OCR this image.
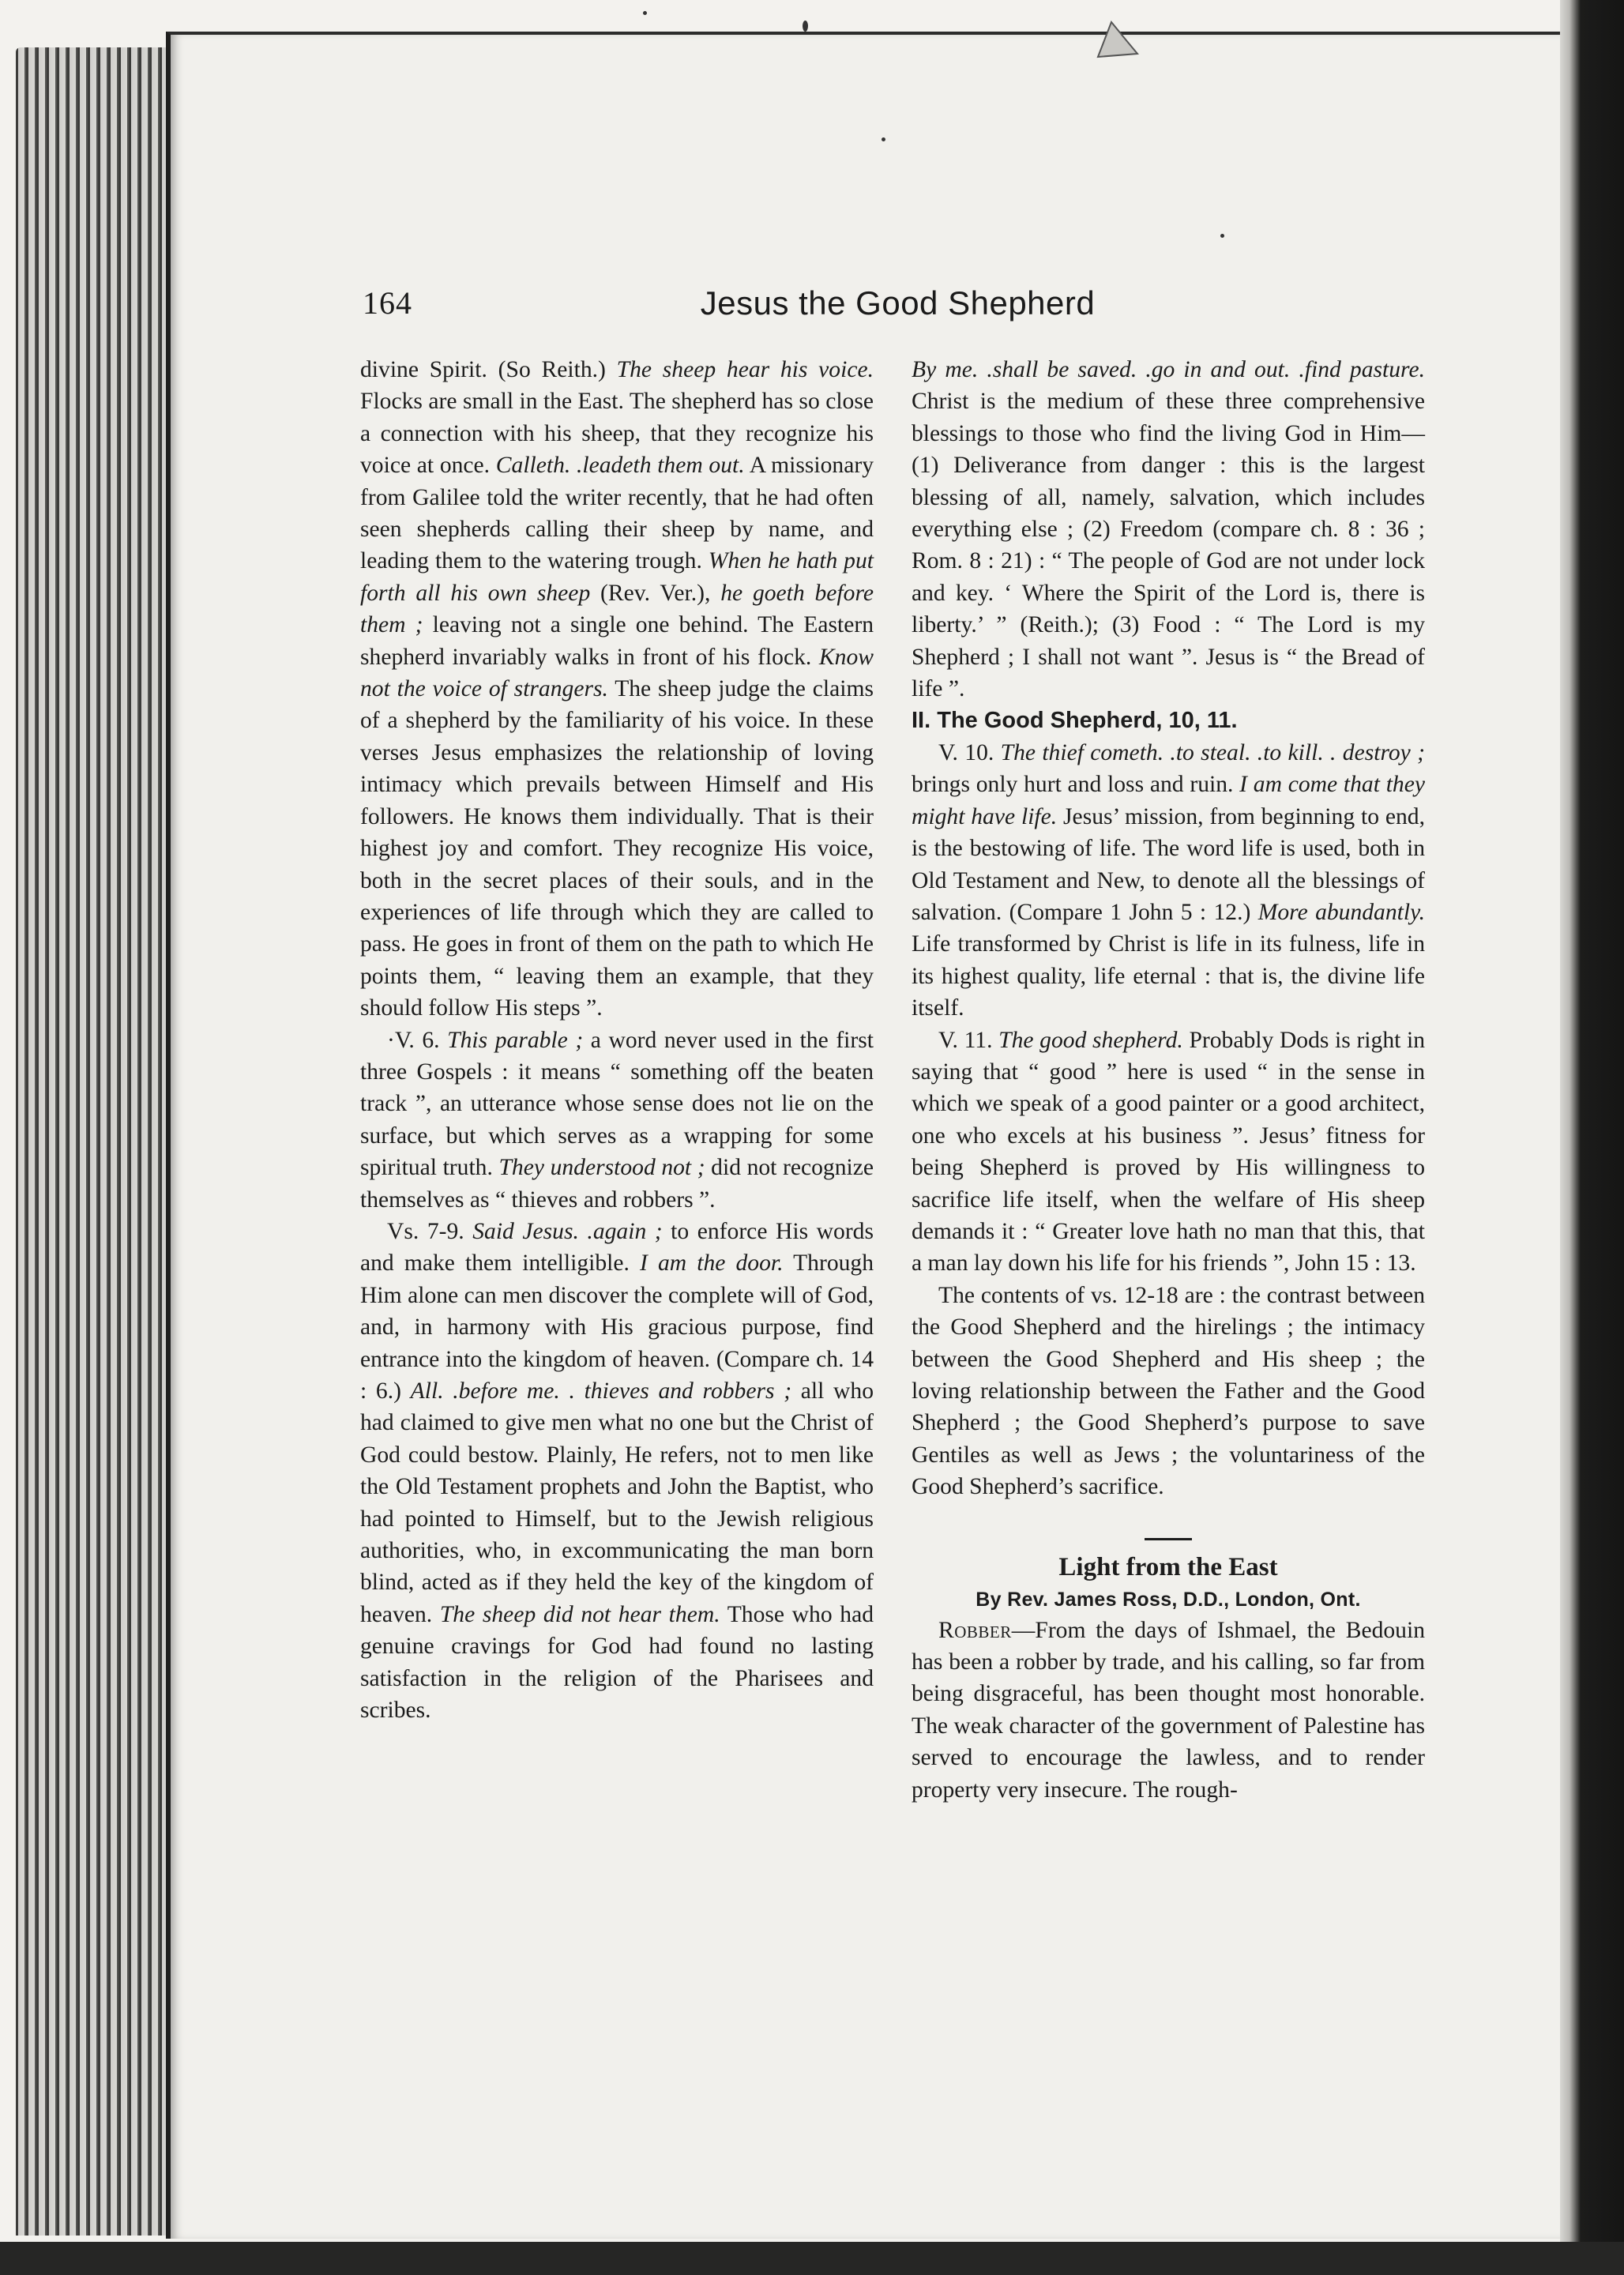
164	Jesus the Good Shepherd

divine Spirit. (So Reith.) The sheep hear his voice. Flocks are small in the East. The shepherd has so close a connection with his sheep, that they recognize his voice at once. Calleth. .leadeth them out. A missionary from Galilee told the writer recently, that he had often seen shepherds calling their sheep by name, and leading them to the watering trough. When he hath put forth all his own sheep (Rev. Ver.), he goeth before them ; leaving not a single one behind. The Eastern shepherd invariably walks in front of his flock. Know not the voice of strangers. The sheep judge the claims of a shepherd by the familiarity of his voice. In these verses Jesus emphasizes the relationship of loving intimacy which prevails between Himself and His followers. He knows them individually. That is their highest joy and comfort. They recognize His voice, both in the secret places of their souls, and in the experiences of life through which they are called to pass. He goes in front of them on the path to which He points them, “ leaving them an example, that they should follow His steps ”.

·V. 6. This parable ; a word never used in the first three Gospels : it means “ something off the beaten track ”, an utterance whose sense does not lie on the surface, but which serves as a wrapping for some spiritual truth. They understood not ; did not recognize themselves as “ thieves and robbers ”.

Vs. 7-9. Said Jesus. .again ; to enforce His words and make them intelligible. I am the door. Through Him alone can men discover the complete will of God, and, in harmony with His gracious purpose, find entrance into the kingdom of heaven. (Compare ch. 14 : 6.) All. .before me. . thieves and robbers ; all who had claimed to give men what no one but the Christ of God could bestow. Plainly, He refers, not to men like the Old Testament prophets and John the Baptist, who had pointed to Himself, but to the Jewish religious authorities, who, in excommunicating the man born blind, acted as if they held the key of the kingdom of heaven. The sheep did not hear them. Those who had genuine cravings for God had found no lasting satisfaction in the religion of the Pharisees and scribes.

By me. .shall be saved. .go in and out. .find pasture. Christ is the medium of these three comprehensive blessings to those who find the living God in Him—(1) Deliverance from danger : this is the largest blessing of all, namely, salvation, which includes everything else ; (2) Freedom (compare ch. 8 : 36 ; Rom. 8 : 21) : “ The people of God are not under lock and key. ‘ Where the Spirit of the Lord is, there is liberty.’ ” (Reith.); (3) Food : “ The Lord is my Shepherd ; I shall not want ”. Jesus is “ the Bread of life ”.

II. The Good Shepherd, 10, 11.

V. 10. The thief cometh. .to steal. .to kill. . destroy ; brings only hurt and loss and ruin. I am come that they might have life. Jesus’ mission, from beginning to end, is the bestowing of life. The word life is used, both in Old Testament and New, to denote all the blessings of salvation. (Compare 1 John 5 : 12.) More abundantly. Life transformed by Christ is life in its fulness, life in its highest quality, life eternal : that is, the divine life itself.

V. 11. The good shepherd. Probably Dods is right in saying that “ good ” here is used “ in the sense in which we speak of a good painter or a good architect, one who excels at his business ”. Jesus’ fitness for being Shepherd is proved by His willingness to sacrifice life itself, when the welfare of His sheep demands it : “ Greater love hath no man that this, that a man lay down his life for his friends ”, John 15 : 13.

The contents of vs. 12-18 are : the contrast between the Good Shepherd and the hirelings ; the intimacy between the Good Shepherd and His sheep ; the loving relationship between the Father and the Good Shepherd ; the Good Shepherd’s purpose to save Gentiles as well as Jews ; the voluntariness of the Good Shepherd’s sacrifice.

Light from the East

By Rev. James Ross, D.D., London, Ont.

Robber—From the days of Ishmael, the Bedouin has been a robber by trade, and his calling, so far from being disgraceful, has been thought most honorable. The weak character of the government of Palestine has served to encourage the lawless, and to render property very insecure. The rough-
